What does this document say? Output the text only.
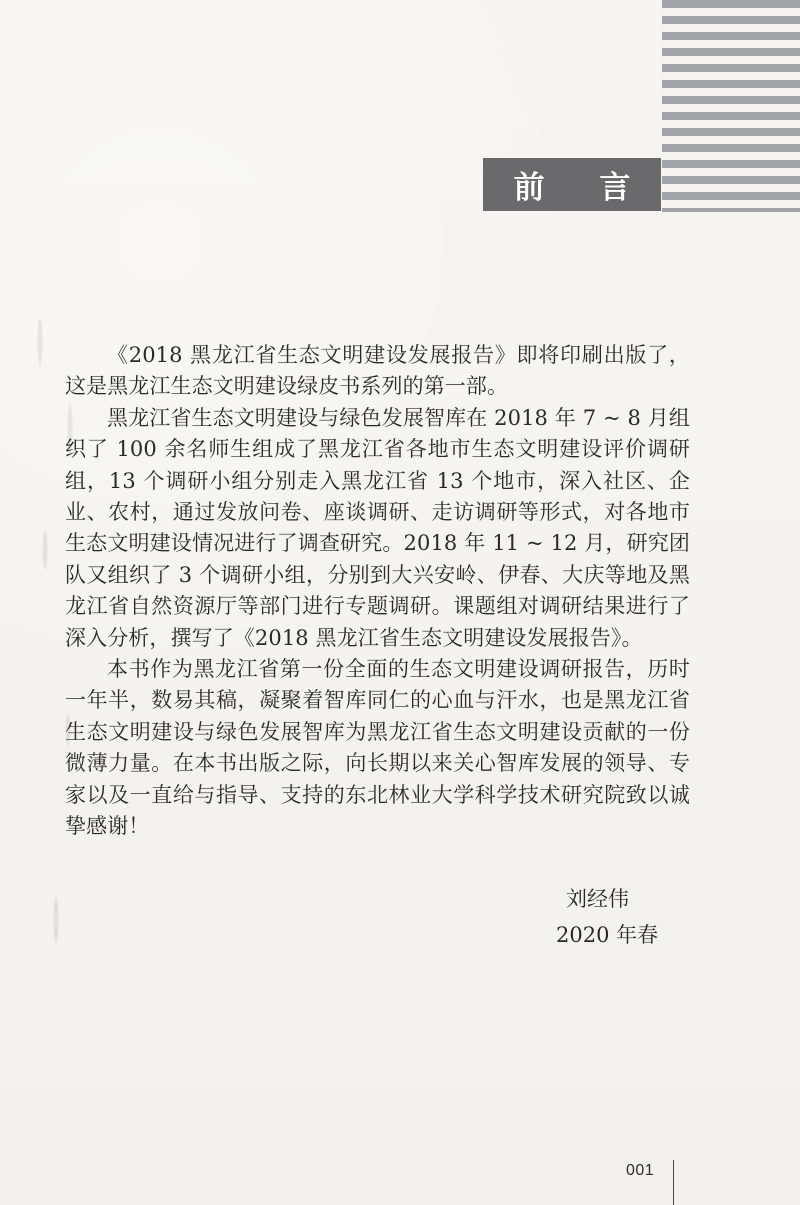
前 言

《2018 黑龙江省生态文明建设发展报告》即将印刷出版了，这是黑龙江生态文明建设绿皮书系列的第一部。

黑龙江省生态文明建设与绿色发展智库在 2018 年 7 ~ 8 月组织了 100 余名师生组成了黑龙江省各地市生态文明建设评价调研组，13 个调研小组分别走入黑龙江省 13 个地市，深入社区、企业、农村，通过发放问卷、座谈调研、走访调研等形式，对各地市生态文明建设情况进行了调查研究。2018 年 11 ~ 12 月，研究团队又组织了 3 个调研小组，分别到大兴安岭、伊春、大庆等地及黑龙江省自然资源厅等部门进行专题调研。课题组对调研结果进行了深入分析，撰写了《2018 黑龙江省生态文明建设发展报告》。

本书作为黑龙江省第一份全面的生态文明建设调研报告，历时一年半，数易其稿，凝聚着智库同仁的心血与汗水，也是黑龙江省生态文明建设与绿色发展智库为黑龙江省生态文明建设贡献的一份微薄力量。在本书出版之际，向长期以来关心智库发展的领导、专家以及一直给与指导、支持的东北林业大学科学技术研究院致以诚挚感谢！

刘经伟
2020 年春
001
